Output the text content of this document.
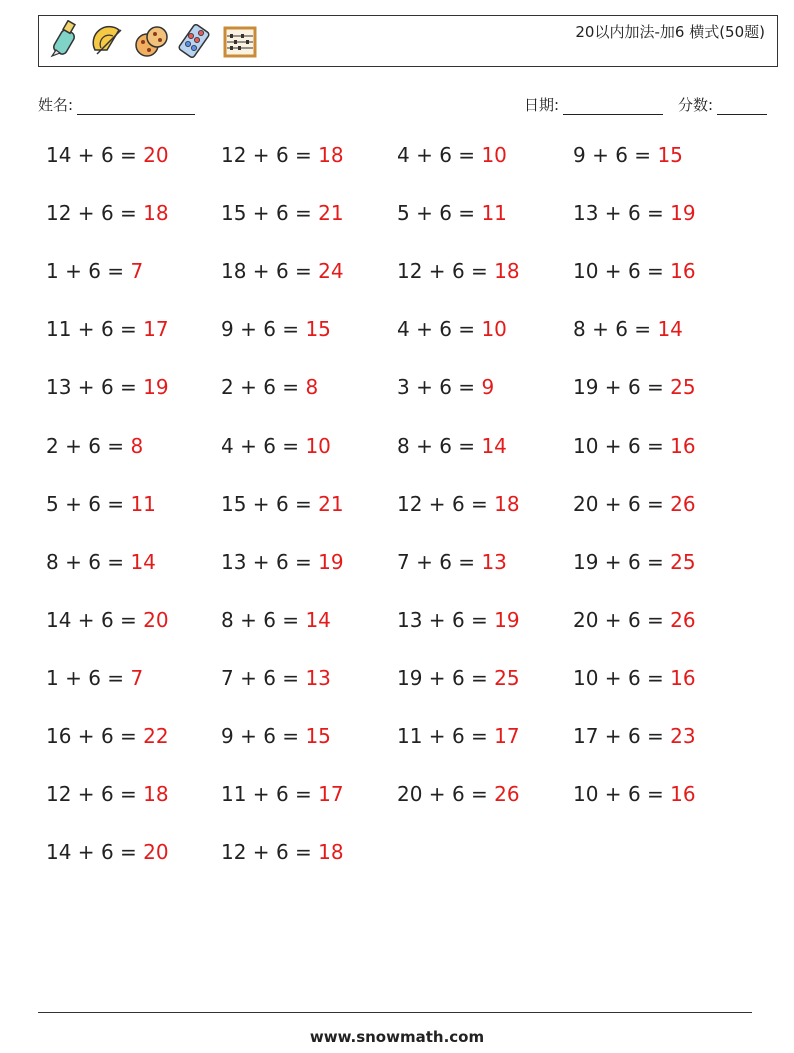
20以内加法-加6 横式(50题)
姓名:	日期:	分数:
14 + 6 = 20	12 + 6 = 18	4 + 6 = 10	9 + 6 = 15
12 + 6 = 18	15 + 6 = 21	5 + 6 = 11	13 + 6 = 19
1 + 6 = 7	18 + 6 = 24	12 + 6 = 18	10 + 6 = 16
11 + 6 = 17	9 + 6 = 15	4 + 6 = 10	8 + 6 = 14
13 + 6 = 19	2 + 6 = 8	3 + 6 = 9	19 + 6 = 25
2 + 6 = 8	4 + 6 = 10	8 + 6 = 14	10 + 6 = 16
5 + 6 = 11	15 + 6 = 21	12 + 6 = 18	20 + 6 = 26
8 + 6 = 14	13 + 6 = 19	7 + 6 = 13	19 + 6 = 25
14 + 6 = 20	8 + 6 = 14	13 + 6 = 19	20 + 6 = 26
1 + 6 = 7	7 + 6 = 13	19 + 6 = 25	10 + 6 = 16
16 + 6 = 22	9 + 6 = 15	11 + 6 = 17	17 + 6 = 23
12 + 6 = 18	11 + 6 = 17	20 + 6 = 26	10 + 6 = 16
14 + 6 = 20	12 + 6 = 18
www.snowmath.com
